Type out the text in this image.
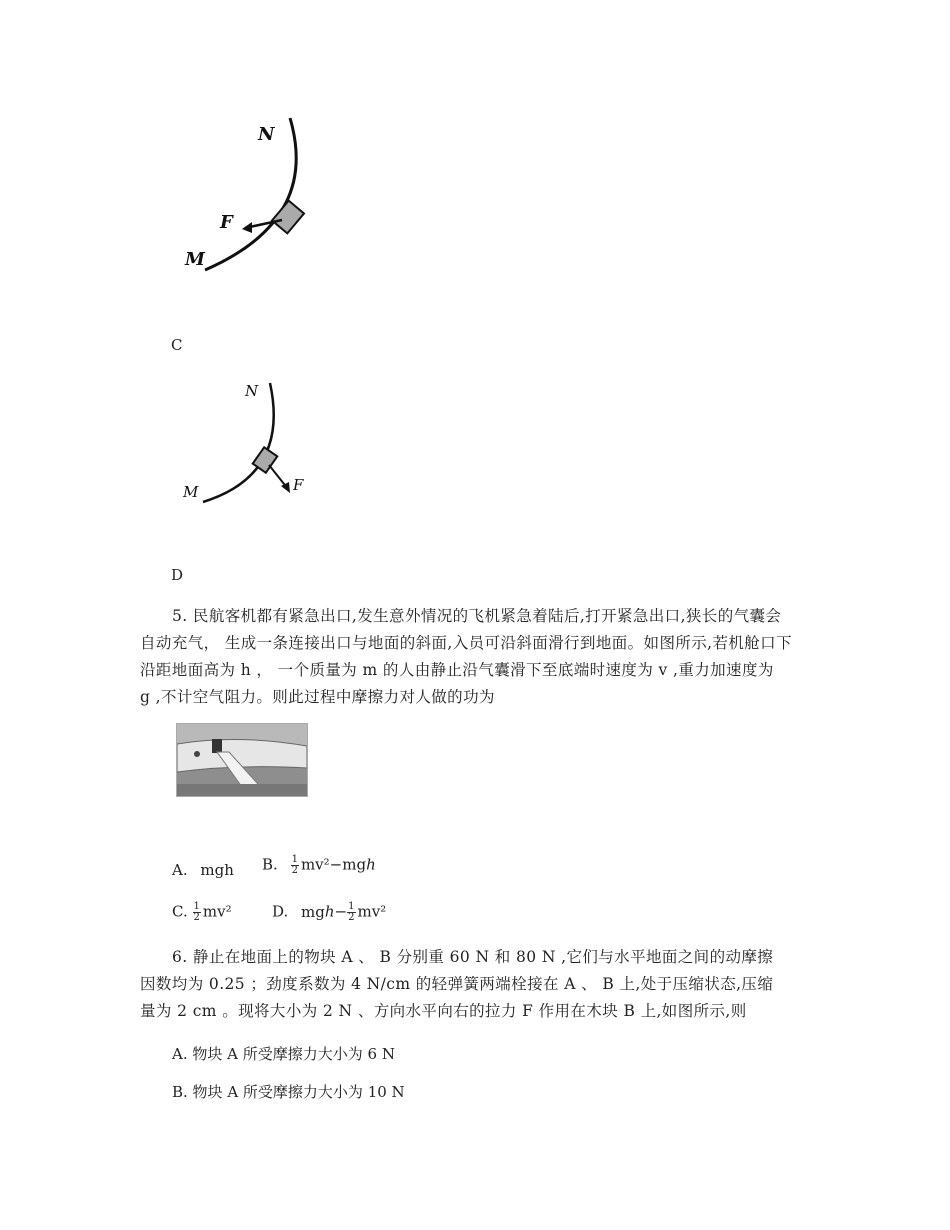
N
F
M
C
N
F
M
D
5. 民航客机都有紧急出口,发生意外情况的飞机紧急着陆后,打开紧急出口,狭长的气囊会
自动充气， 生成一条连接出口与地面的斜面,入员可沿斜面滑行到地面。如图所示,若机舱口下
沿距地面高为 h ， 一个质量为 m 的人由静止沿气囊滑下至底端时速度为 v ,重力加速度为
g ,不计空气阻力。则此过程中摩擦力对人做的功为
A. mgh B. $\frac{1}{2} mv^2-mgh$
C. $\frac{1}{2} mv^2$	D. $mgh- \frac{1}{2} mv^2$
6. 静止在地面上的物块 A 、 B 分别重 60 N 和 80 N ,它们与水平地面之间的动摩擦
因数均为 0.25 ；劲度系数为 4 N/cm 的轻弹簧两端栓接在 A 、 B 上,处于压缩状态,压缩
量为 2 cm 。现将大小为 2 N 、方向水平向右的拉力 F 作用在木块 B 上,如图所示,则
A. 物块 A 所受摩擦力大小为 6 N
B. 物块 A 所受摩擦力大小为 10 N
